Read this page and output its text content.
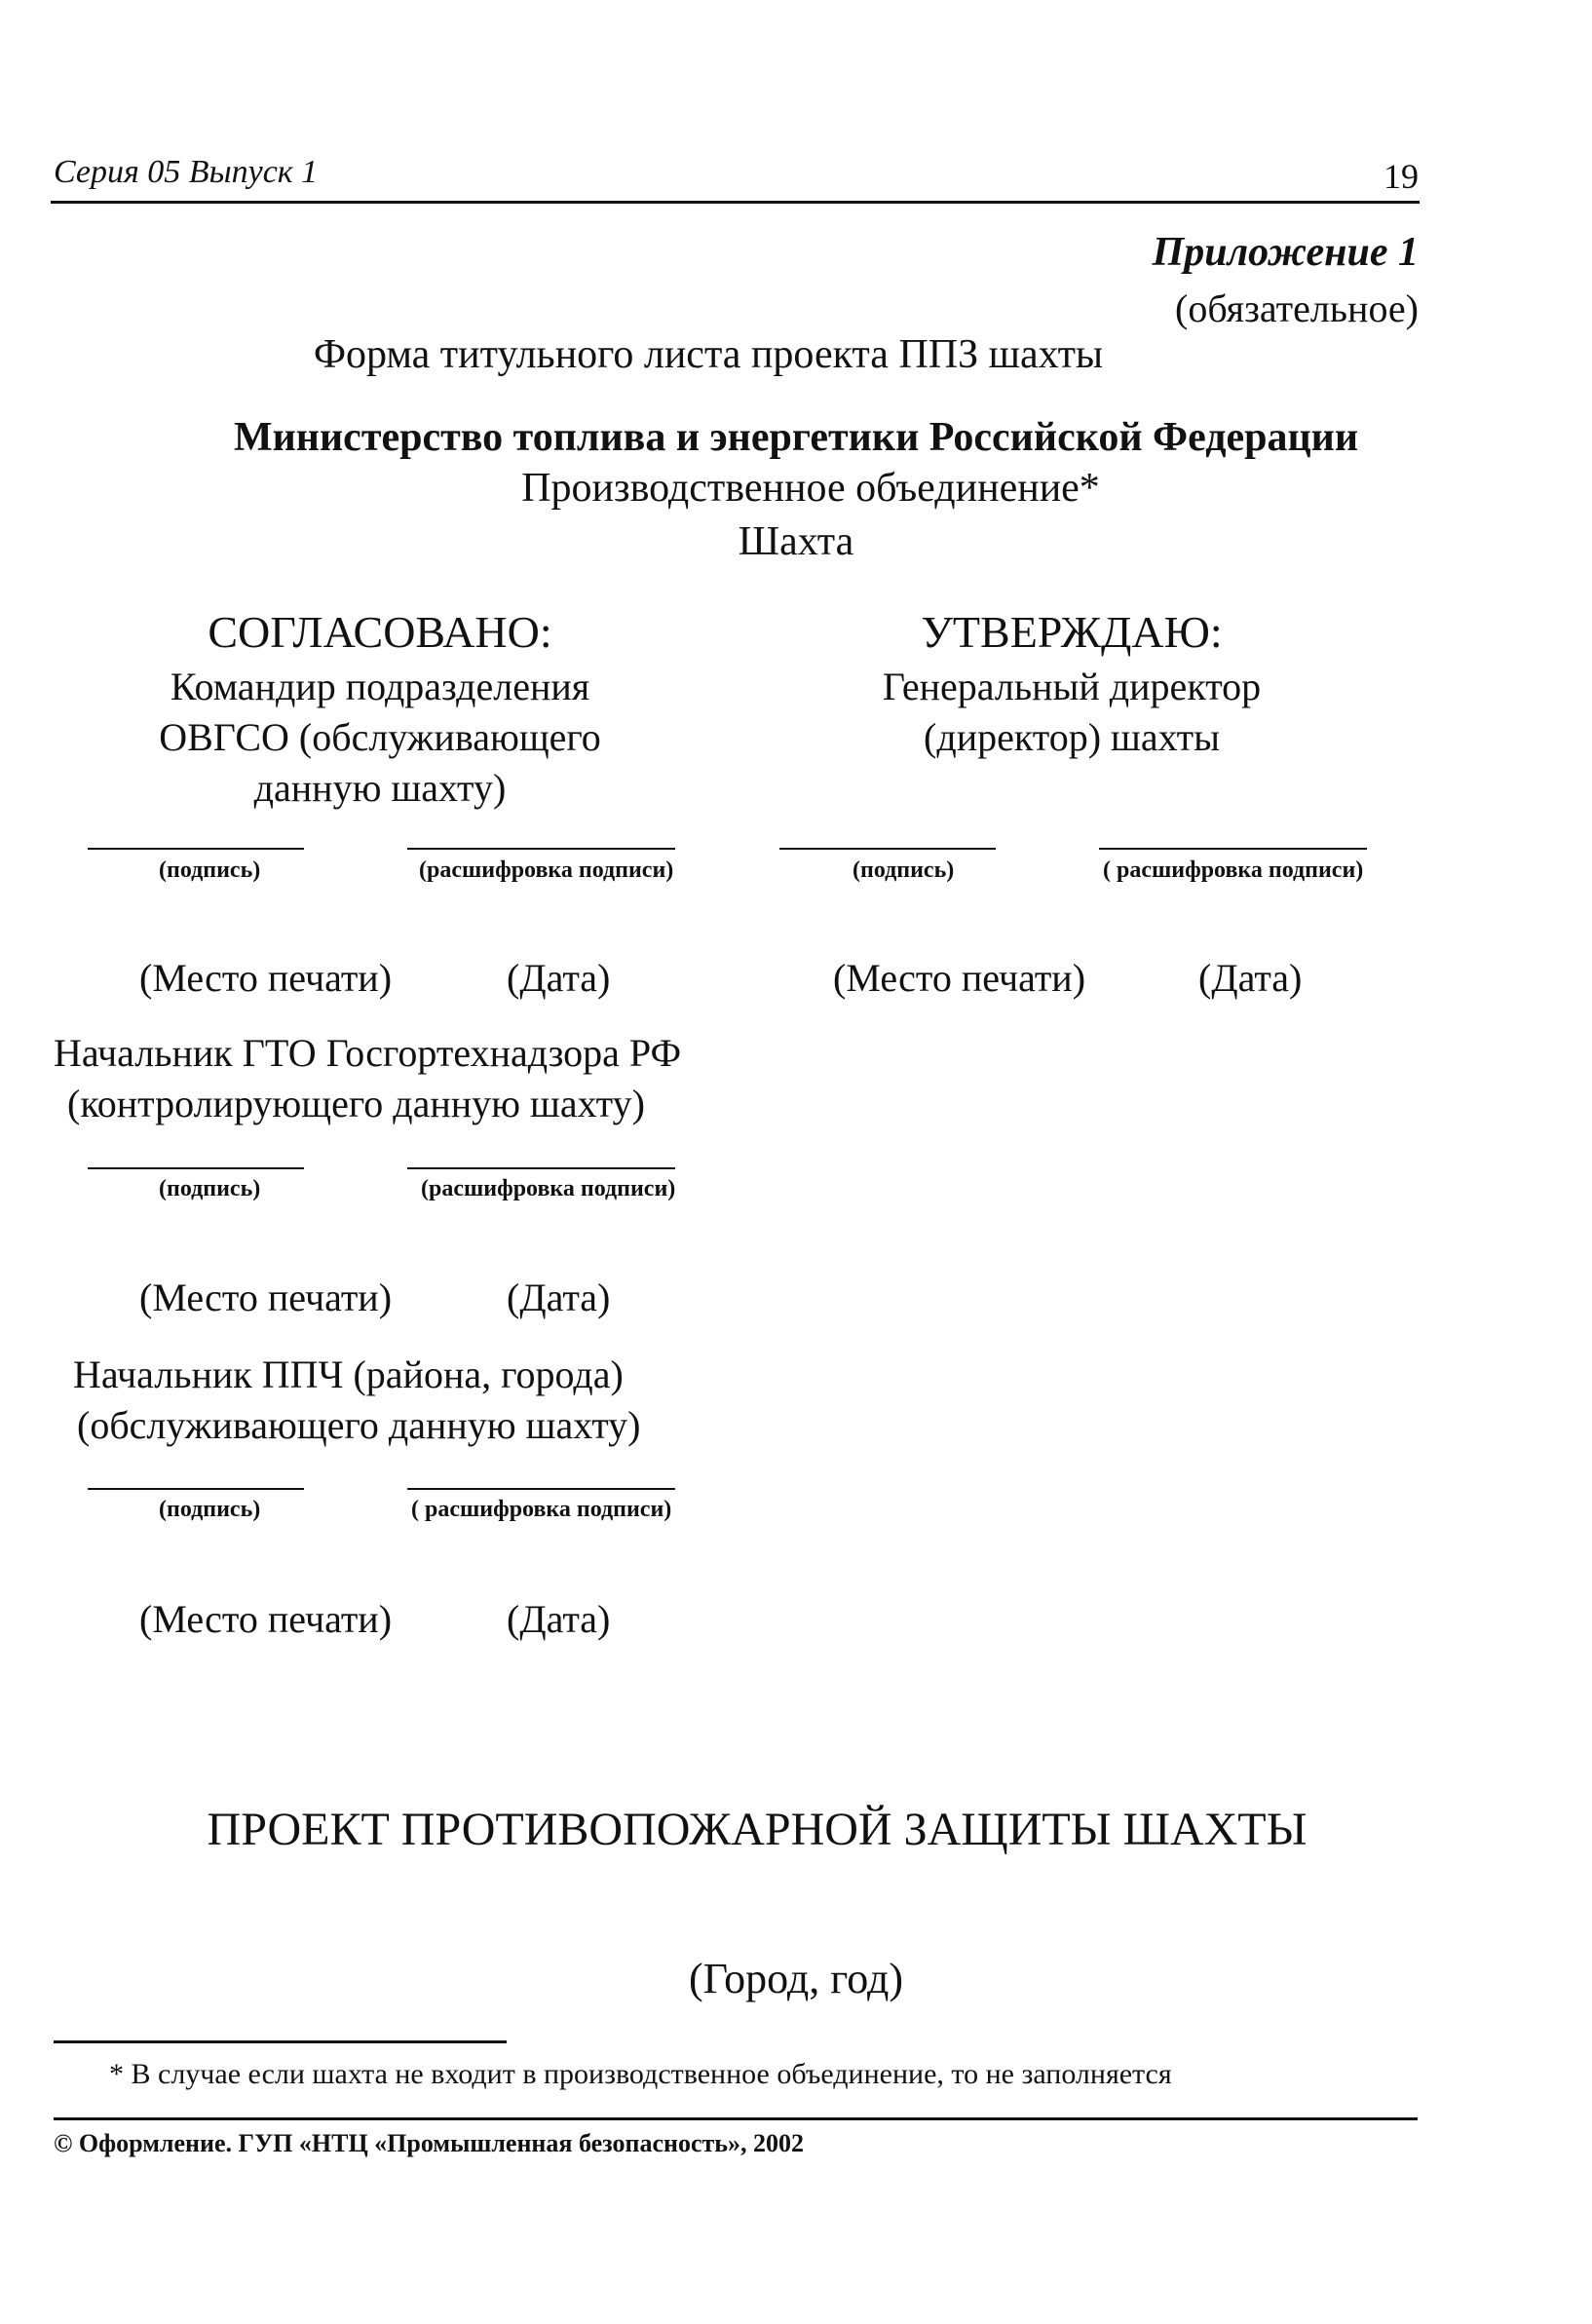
Серия 05 Выпуск 1	19
Приложение 1
(обязательное)
Форма титульного листа проекта ППЗ шахты
Министерство топлива и энергетики Российской Федерации
Производственное объединение*
Шахта
СОГЛАСОВАНО:
Командир подразделения
ОВГСО (обслуживающего
данную шахту)
УТВЕРЖДАЮ:
Генеральный директор
(директор) шахты
(подпись)	(расшифровка подписи)	(подпись)	( расшифровка подписи)
(Место печати)	(Дата)	(Место печати)	(Дата)
Начальник ГТО Госгортехнадзора РФ
(контролирующего данную шахту)
(подпись)	(расшифровка подписи)
(Место печати)	(Дата)
Начальник ППЧ (района, города)
(обслуживающего данную шахту)
(подпись)	( расшифровка подписи)
(Место печати)	(Дата)
ПРОЕКТ ПРОТИВОПОЖАРНОЙ ЗАЩИТЫ ШАХТЫ
(Город, год)
* В случае если шахта не входит в производственное объединение, то не заполняется
© Оформление. ГУП «НТЦ «Промышленная безопасность», 2002
